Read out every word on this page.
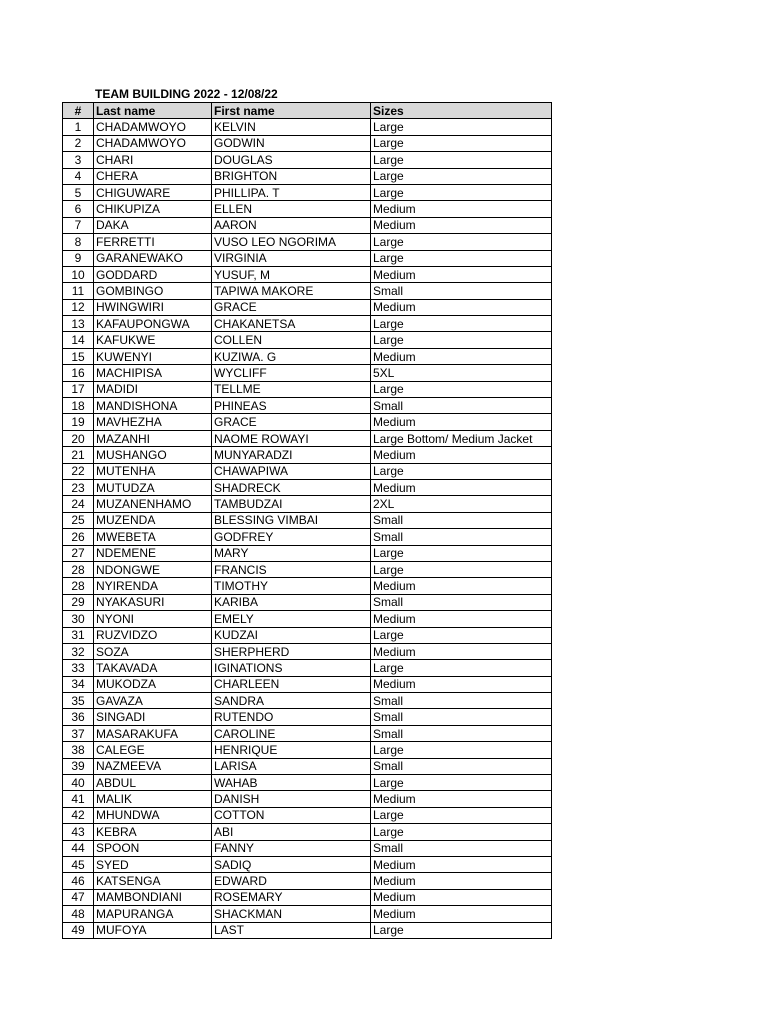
TEAM BUILDING 2022 - 12/08/22
#	Last name	First name	Sizes
1	CHADAMWOYO	KELVIN	Large
2	CHADAMWOYO	GODWIN	Large
3	CHARI	DOUGLAS	Large
4	CHERA	BRIGHTON	Large
5	CHIGUWARE	PHILLIPA. T	Large
6	CHIKUPIZA	ELLEN	Medium
7	DAKA	AARON	Medium
8	FERRETTI	VUSO LEO NGORIMA	Large
9	GARANEWAKO	VIRGINIA	Large
10	GODDARD	YUSUF, M	Medium
11	GOMBINGO	TAPIWA MAKORE	Small
12	HWINGWIRI	GRACE	Medium
13	KAFAUPONGWA	CHAKANETSA	Large
14	KAFUKWE	COLLEN	Large
15	KUWENYI	KUZIWA. G	Medium
16	MACHIPISA	WYCLIFF	5XL
17	MADIDI	TELLME	Large
18	MANDISHONA	PHINEAS	Small
19	MAVHEZHA	GRACE	Medium
20	MAZANHI	NAOME ROWAYI	Large Bottom/ Medium Jacket
21	MUSHANGO	MUNYARADZI	Medium
22	MUTENHA	CHAWAPIWA	Large
23	MUTUDZA	SHADRECK	Medium
24	MUZANENHAMO	TAMBUDZAI	2XL
25	MUZENDA	BLESSING VIMBAI	Small
26	MWEBETA	GODFREY	Small
27	NDEMENE	MARY	Large
28	NDONGWE	FRANCIS	Large
28	NYIRENDA	TIMOTHY	Medium
29	NYAKASURI	KARIBA	Small
30	NYONI	EMELY	Medium
31	RUZVIDZO	KUDZAI	Large
32	SOZA	SHERPHERD	Medium
33	TAKAVADA	IGINATIONS	Large
34	MUKODZA	CHARLEEN	Medium
35	GAVAZA	SANDRA	Small
36	SINGADI	RUTENDO	Small
37	MASARAKUFA	CAROLINE	Small
38	CALEGE	HENRIQUE	Large
39	NAZMEEVA	LARISA	Small
40	ABDUL	WAHAB	Large
41	MALIK	DANISH	Medium
42	MHUNDWA	COTTON	Large
43	KEBRA	ABI	Large
44	SPOON	FANNY	Small
45	SYED	SADIQ	Medium
46	KATSENGA	EDWARD	Medium
47	MAMBONDIANI	ROSEMARY	Medium
48	MAPURANGA	SHACKMAN	Medium
49	MUFOYA	LAST	Large
